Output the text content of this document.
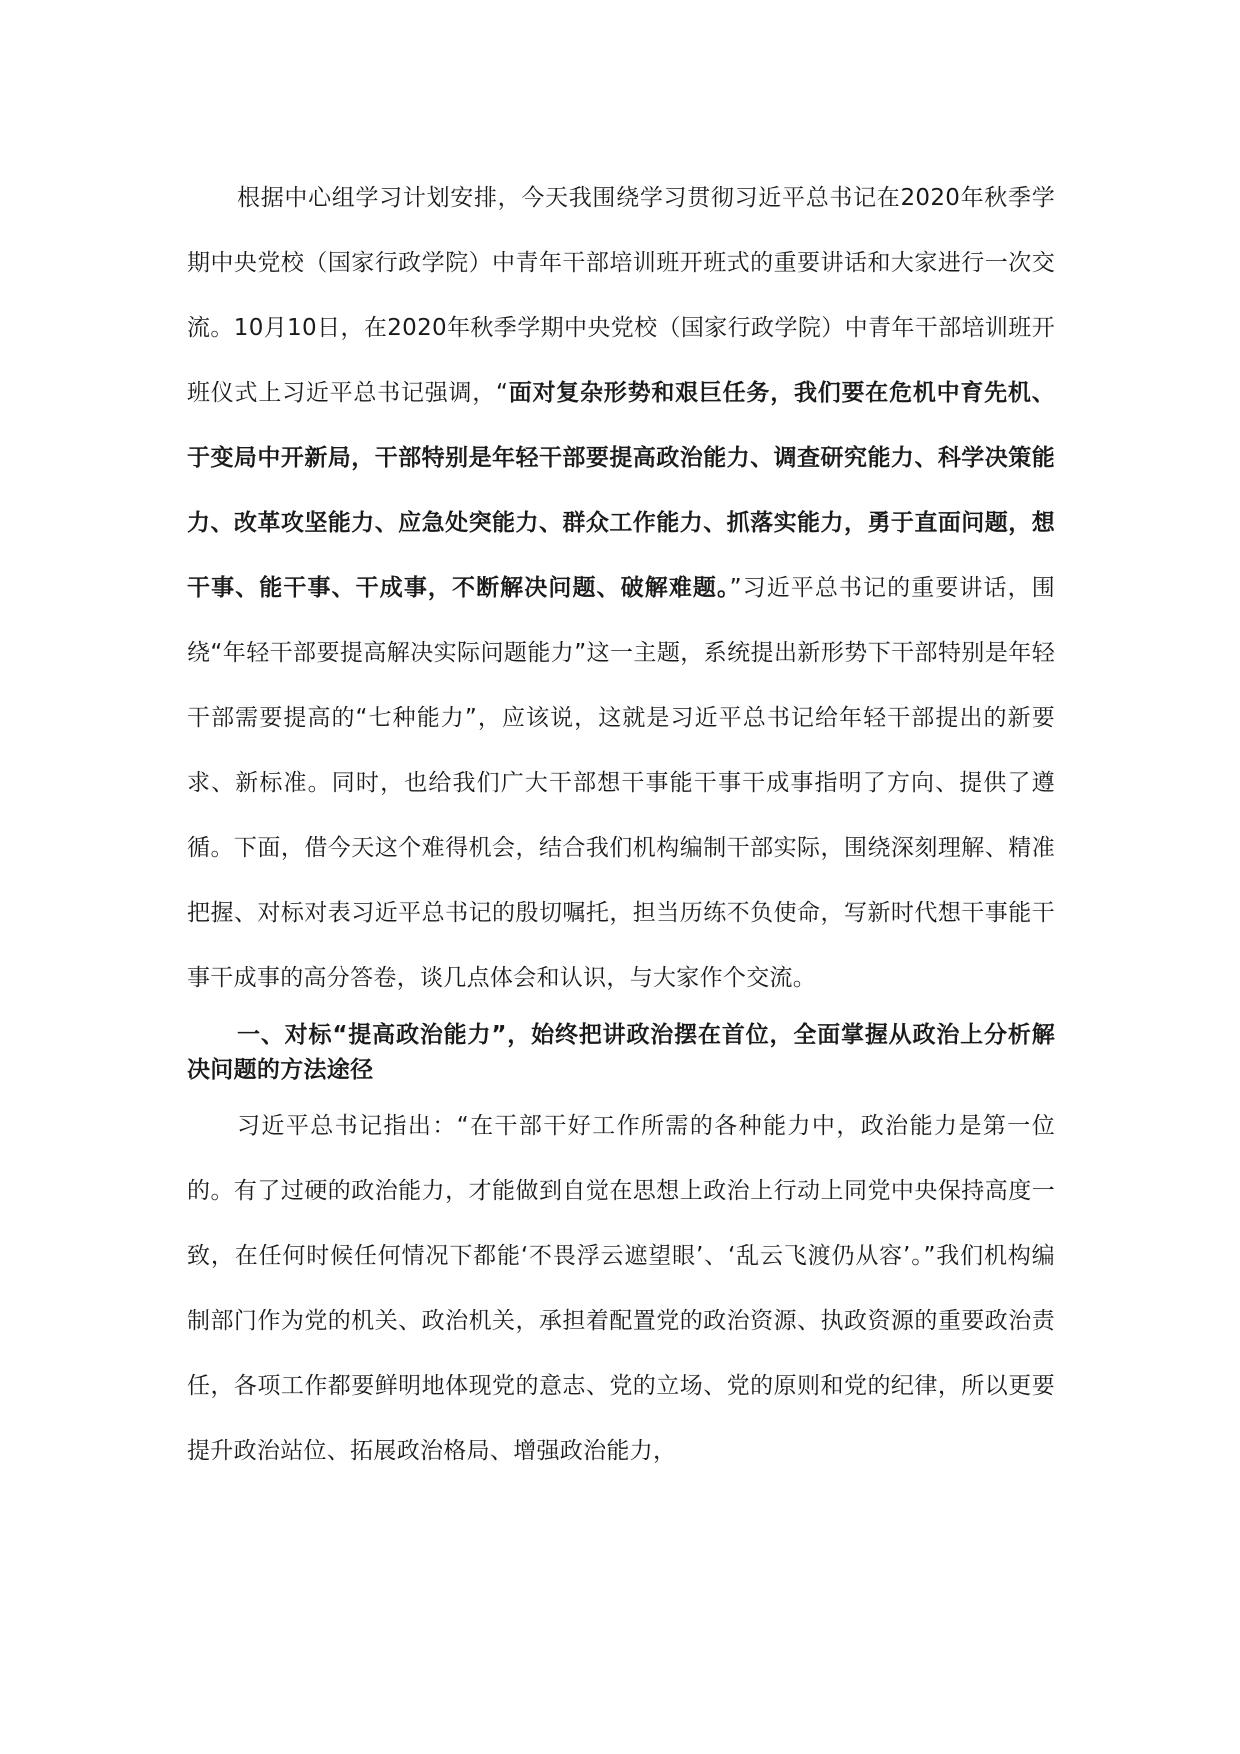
根据中心组学习计划安排，今天我围绕学习贯彻习近平总书记在2020年秋季学期中央党校（国家行政学院）中青年干部培训班开班式的重要讲话和大家进行一次交流。10月10日，在2020年秋季学期中央党校（国家行政学院）中青年干部培训班开班仪式上习近平总书记强调，“面对复杂形势和艰巨任务，我们要在危机中育先机、于变局中开新局，干部特别是年轻干部要提高政治能力、调查研究能力、科学决策能力、改革攻坚能力、应急处突能力、群众工作能力、抓落实能力，勇于直面问题，想干事、能干事、干成事，不断解决问题、破解难题。”习近平总书记的重要讲话，围绕“年轻干部要提高解决实际问题能力”这一主题，系统提出新形势下干部特别是年轻干部需要提高的“七种能力”，应该说，这就是习近平总书记给年轻干部提出的新要求、新标准。同时，也给我们广大干部想干事能干事干成事指明了方向、提供了遵循。下面，借今天这个难得机会，结合我们机构编制干部实际，围绕深刻理解、精准把握、对标对表习近平总书记的殷切嘱托，担当历练不负使命，写新时代想干事能干事干成事的高分答卷，谈几点体会和认识，与大家作个交流。

一、对标“提高政治能力”，始终把讲政治摆在首位，全面掌握从政治上分析解决问题的方法途径

习近平总书记指出：“在干部干好工作所需的各种能力中，政治能力是第一位的。有了过硬的政治能力，才能做到自觉在思想上政治上行动上同党中央保持高度一致，在任何时候任何情况下都能‘不畏浮云遮望眼’、‘乱云飞渡仍从容’。”我们机构编制部门作为党的机关、政治机关，承担着配置党的政治资源、执政资源的重要政治责任，各项工作都要鲜明地体现党的意志、党的立场、党的原则和党的纪律，所以更要提升政治站位、拓展政治格局、增强政治能力，
